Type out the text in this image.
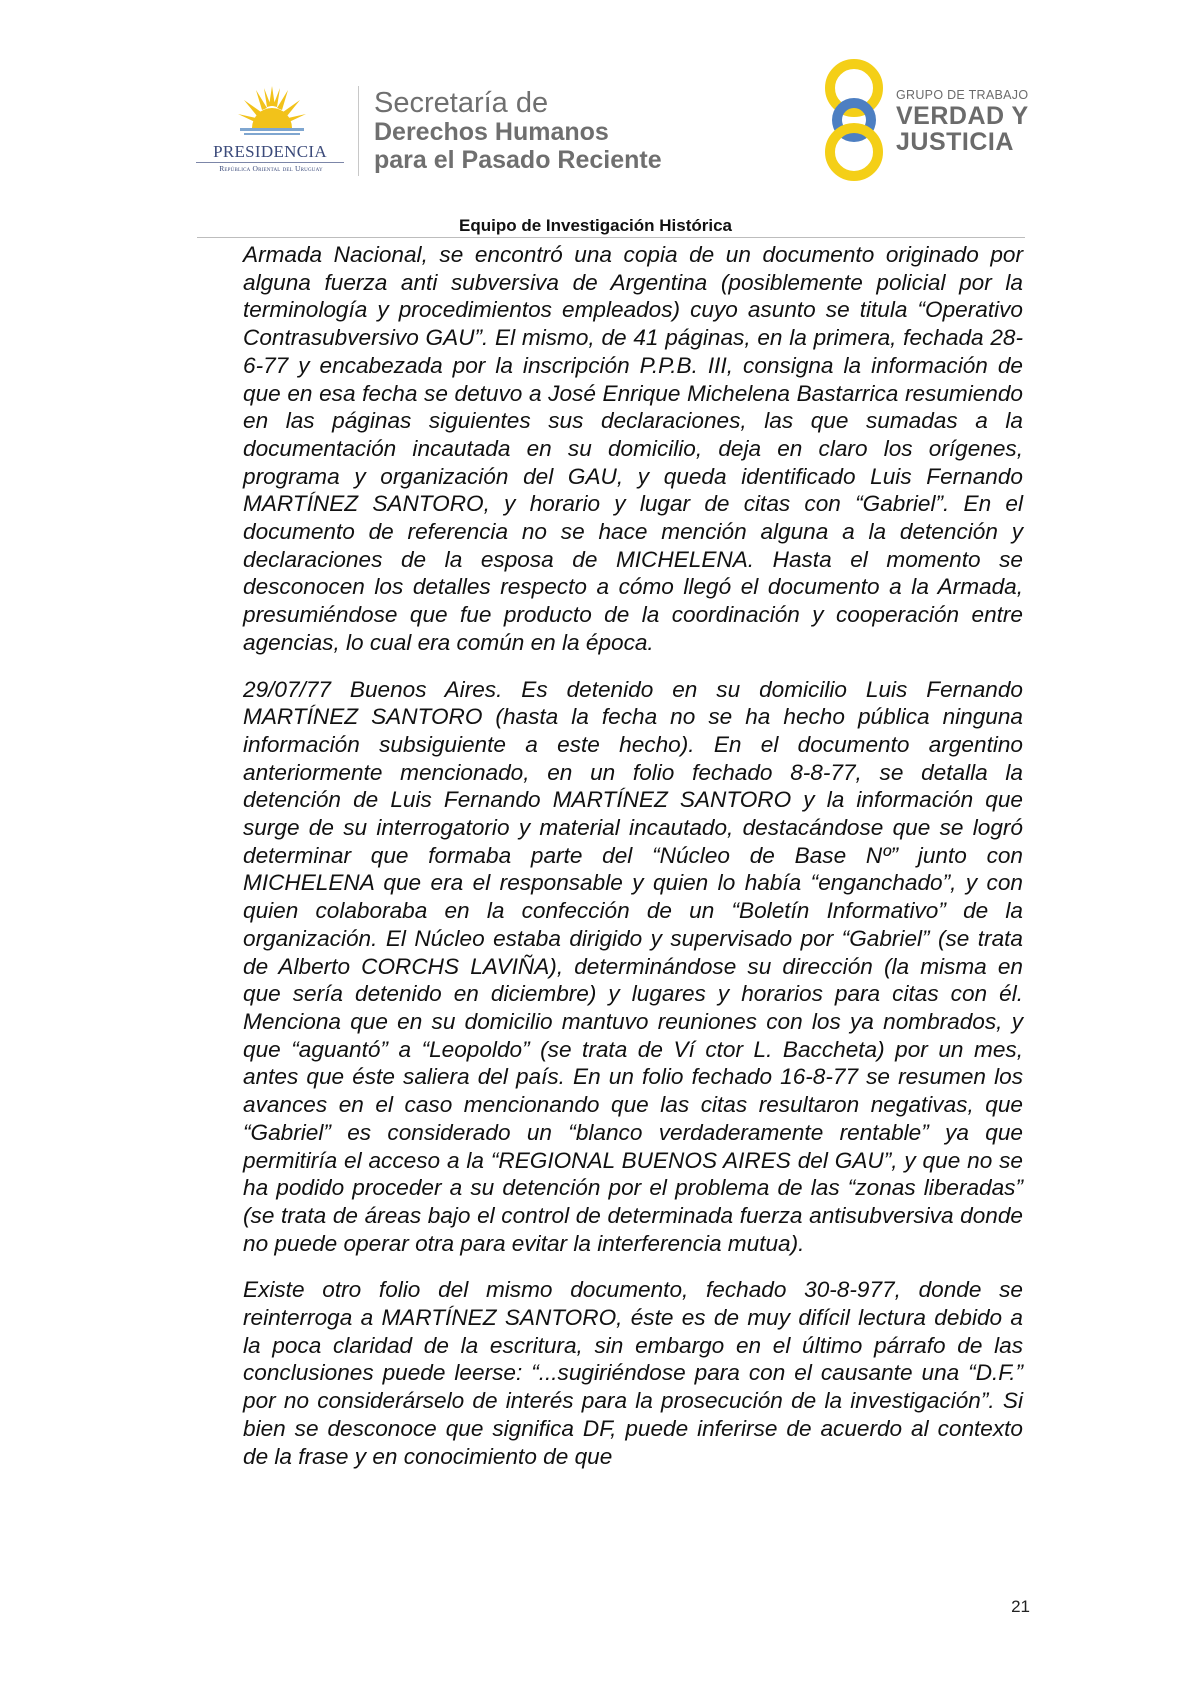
PRESIDENCIA
República Oriental del Uruguay
Secretaría de
Derechos Humanos
para el Pasado Reciente
GRUPO DE TRABAJO
VERDAD Y
JUSTICIA
Equipo de Investigación Histórica

Armada Nacional, se encontró una copia de un documento originado por alguna fuerza anti subversiva de Argentina (posiblemente policial por la terminología y procedimientos empleados) cuyo asunto se titula “Operativo Contrasubversivo GAU”. El mismo, de 41 páginas, en la primera, fechada 28-6-77 y encabezada por la inscripción P.P.B. III, consigna la información de que en esa fecha se detuvo a José Enrique Michelena Bastarrica resumiendo en las páginas siguientes sus declaraciones, las que sumadas a la documentación incautada en su domicilio, deja en claro los orígenes, programa y organización del GAU, y queda identificado Luis Fernando MARTÍNEZ SANTORO, y horario y lugar de citas con “Gabriel”. En el documento de referencia no se hace mención alguna a la detención y declaraciones de la esposa de MICHELENA. Hasta el momento se desconocen los detalles respecto a cómo llegó el documento a la Armada, presumiéndose que fue producto de la coordinación y cooperación entre agencias, lo cual era común en la época.

29/07/77 Buenos Aires. Es detenido en su domicilio Luis Fernando MARTÍNEZ SANTORO (hasta la fecha no se ha hecho pública ninguna información subsiguiente a este hecho). En el documento argentino anteriormente mencionado, en un folio fechado 8-8-77, se detalla la detención de Luis Fernando MARTÍNEZ SANTORO y la información que surge de su interrogatorio y material incautado, destacándose que se logró determinar que formaba parte del “Núcleo de Base Nº” junto con MICHELENA que era el responsable y quien lo había “enganchado”, y con quien colaboraba en la confección de un “Boletín Informativo” de la organización. El Núcleo estaba dirigido y supervisado por “Gabriel” (se trata de Alberto CORCHS LAVIÑA), determinándose su dirección (la misma en que sería detenido en diciembre) y lugares y horarios para citas con él. Menciona que en su domicilio mantuvo reuniones con los ya nombrados, y que “aguantó” a “Leopoldo” (se trata de Ví ctor L. Baccheta) por un mes, antes que éste saliera del país. En un folio fechado 16-8-77 se resumen los avances en el caso mencionando que las citas resultaron negativas, que “Gabriel” es considerado un “blanco verdaderamente rentable” ya que permitiría el acceso a la “REGIONAL BUENOS AIRES del GAU”, y que no se ha podido proceder a su detención por el problema de las “zonas liberadas” (se trata de áreas bajo el control de determinada fuerza antisubversiva donde no puede operar otra para evitar la interferencia mutua).

Existe otro folio del mismo documento, fechado 30-8-977, donde se reinterroga a MARTÍNEZ SANTORO, éste es de muy difícil lectura debido a la poca claridad de la escritura, sin embargo en el último párrafo de las conclusiones puede leerse: “...sugiriéndose para con el causante una “D.F.” por no considerárselo de interés para la prosecución de la investigación”. Si bien se desconoce que significa DF, puede inferirse de acuerdo al contexto de la frase y en conocimiento de que

21
